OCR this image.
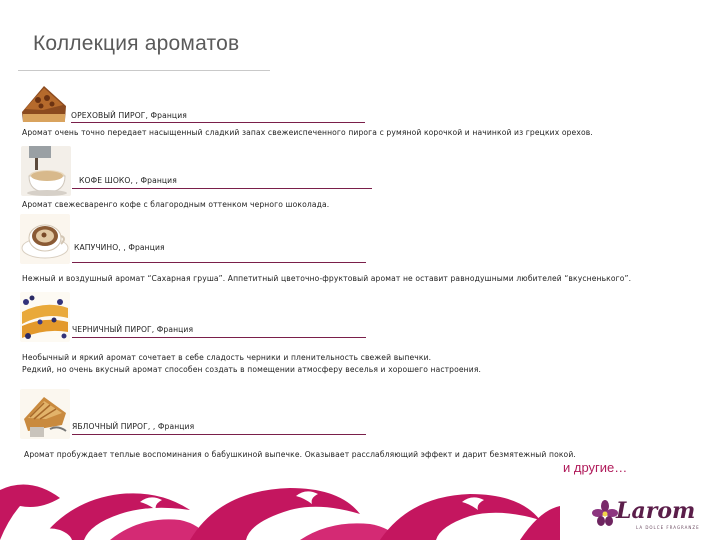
Коллекция ароматов
ОРЕХОВЫЙ ПИРОГ, Франция
Аромат очень точно передает насыщенный сладкий запах свежеиспеченного пирога с румяной корочкой и начинкой из грецких орехов.
КОФЕ ШОКО, , Франция
Аромат свежесваренго кофе с благородным оттенком черного шоколада.
КАПУЧИНО, , Франция
Нежный и воздушный аромат “Сахарная груша”. Аппетитный цветочно-фруктовый аромат не оставит равнодушными любителей “вкусненького”.
ЧЕРНИЧНЫЙ ПИРОГ, Франция
Необычный и яркий аромат сочетает в себе сладость черники и пленительность свежей выпечки.
Редкий, но очень вкусный аромат способен создать в помещении атмосферу веселья и хорошего настроения.
ЯБЛОЧНЫЙ ПИРОГ, , Франция
Аромат пробуждает теплые воспоминания о бабушкиной выпечке. Оказывает расслабляющий эффект и дарит безмятежный покой.
и другие…
Larom
LA DOLCE FRAGRANZE
